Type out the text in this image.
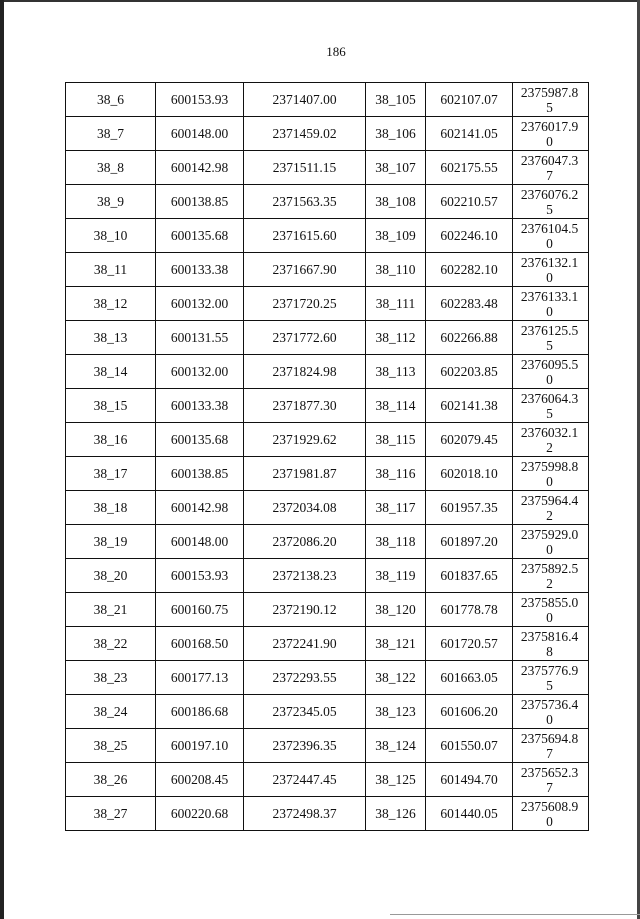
186
38_6	600153.93	2371407.00	38_105	602107.07	2375987.85
38_7	600148.00	2371459.02	38_106	602141.05	2376017.90
38_8	600142.98	2371511.15	38_107	602175.55	2376047.37
38_9	600138.85	2371563.35	38_108	602210.57	2376076.25
38_10	600135.68	2371615.60	38_109	602246.10	2376104.50
38_11	600133.38	2371667.90	38_110	602282.10	2376132.10
38_12	600132.00	2371720.25	38_111	602283.48	2376133.10
38_13	600131.55	2371772.60	38_112	602266.88	2376125.55
38_14	600132.00	2371824.98	38_113	602203.85	2376095.50
38_15	600133.38	2371877.30	38_114	602141.38	2376064.35
38_16	600135.68	2371929.62	38_115	602079.45	2376032.12
38_17	600138.85	2371981.87	38_116	602018.10	2375998.80
38_18	600142.98	2372034.08	38_117	601957.35	2375964.42
38_19	600148.00	2372086.20	38_118	601897.20	2375929.00
38_20	600153.93	2372138.23	38_119	601837.65	2375892.52
38_21	600160.75	2372190.12	38_120	601778.78	2375855.00
38_22	600168.50	2372241.90	38_121	601720.57	2375816.48
38_23	600177.13	2372293.55	38_122	601663.05	2375776.95
38_24	600186.68	2372345.05	38_123	601606.20	2375736.40
38_25	600197.10	2372396.35	38_124	601550.07	2375694.87
38_26	600208.45	2372447.45	38_125	601494.70	2375652.37
38_27	600220.68	2372498.37	38_126	601440.05	2375608.90
